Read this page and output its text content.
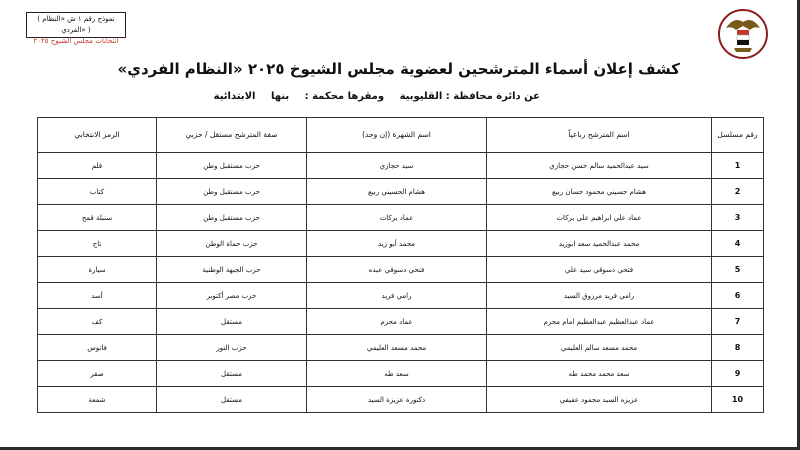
( نموذج رقم ١ ش «النظام الفردي» )
انتخابات مجلس الشيوخ ٢٠٢٥
كشف إعلان أسماء المترشحين لعضوية مجلس الشيوخ ٢٠٢٥ «النظام الفردي»
عن دائرة محافظة : القليوبية ومقرها محكمة : بنها الابتدائية
رقم مسلسل	اسم المترشح رباعياً	اسم الشهرة (إن وجد)	صفة المترشح مستقل / حزبي	الرمز الانتخابي
1	سيد عبدالحميد سالم حسن حجازي	سيد حجازي	حزب مستقبل وطن	قلم
2	هشام حسيني محمود حسان ربيع	هشام الحسيني ربيع	حزب مستقبل وطن	كتاب
3	عماد علي ابراهيم علي بركات	عماد بركات	حزب مستقبل وطن	سنبلة قمح
4	محمد عبدالحميد سعد ابوزيد	محمد أبو زيد	حزب حماة الوطن	تاج
5	فتحي دسوقي سيد علي	فتحي دسوقي عبده	حزب الجبهة الوطنية	سيارة
6	رامي فريد مرزوق السيد	رامي فريد	حزب مصر أكتوبر	أسد
7	عماد عبدالعظيم عبدالعظيم امام محرم	عماد محرم	مستقل	كف
8	محمد مسعد سالم العليمي	محمد مسعد العليمي	حزب النور	فانوس
9	سعد محمد محمد طه	سعد طه	مستقل	صقر
10	عزيزه السيد محمود عفيفي	دكتورة عزيزة السيد	مستقل	شمعة
